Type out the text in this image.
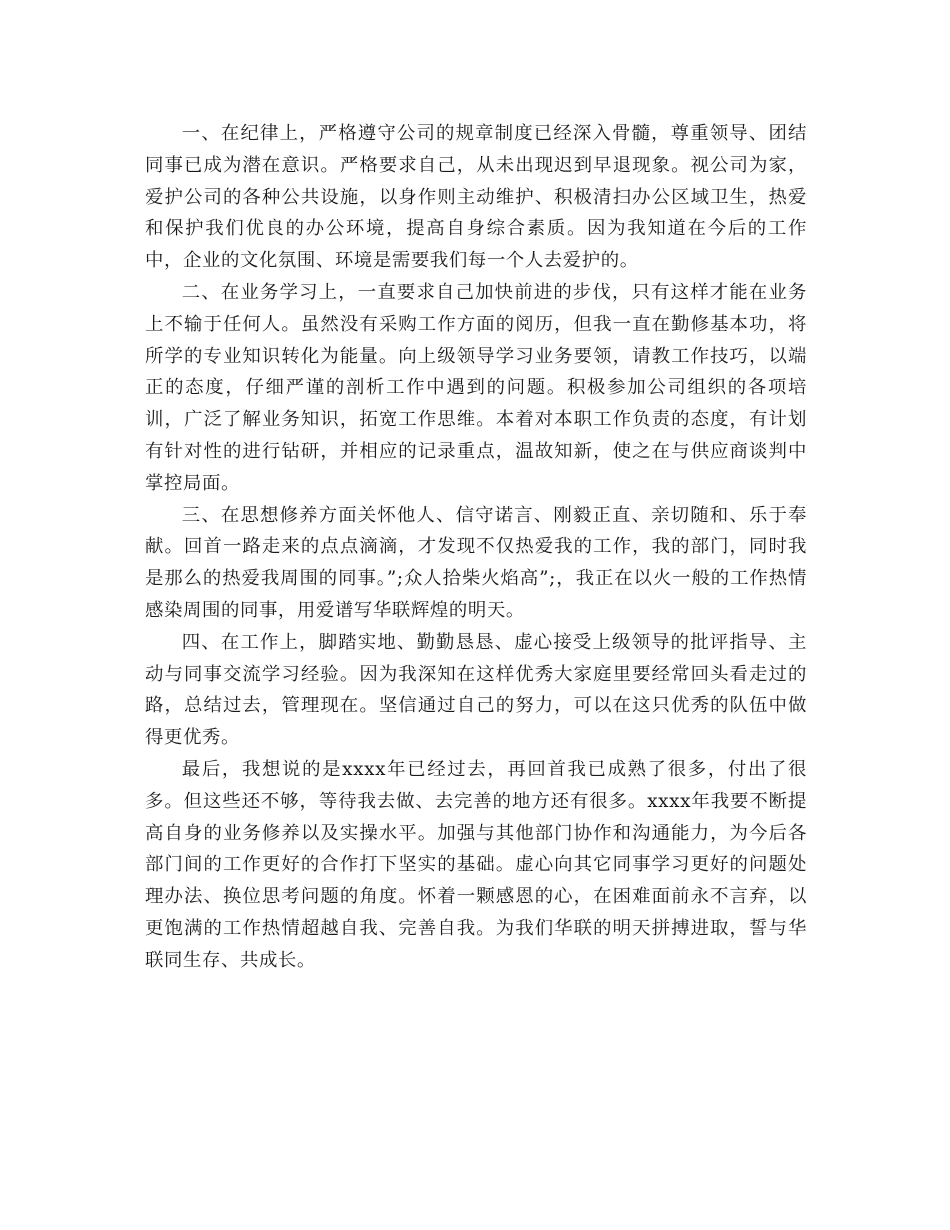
一、在纪律上，严格遵守公司的规章制度已经深入骨髓，尊重领导、团结同事已成为潜在意识。严格要求自己，从未出现迟到早退现象。视公司为家，爱护公司的各种公共设施，以身作则主动维护、积极清扫办公区域卫生，热爱和保护我们优良的办公环境，提高自身综合素质。因为我知道在今后的工作中，企业的文化氛围、环境是需要我们每一个人去爱护的。

二、在业务学习上，一直要求自己加快前进的步伐，只有这样才能在业务上不输于任何人。虽然没有采购工作方面的阅历，但我一直在勤修基本功，将所学的专业知识转化为能量。向上级领导学习业务要领，请教工作技巧，以端正的态度，仔细严谨的剖析工作中遇到的问题。积极参加公司组织的各项培训，广泛了解业务知识，拓宽工作思维。本着对本职工作负责的态度，有计划有针对性的进行钻研，并相应的记录重点，温故知新，使之在与供应商谈判中掌控局面。

三、在思想修养方面关怀他人、信守诺言、刚毅正直、亲切随和、乐于奉献。回首一路走来的点点滴滴，才发现不仅热爱我的工作，我的部门，同时我是那么的热爱我周围的同事。”;众人拾柴火焰高”;，我正在以火一般的工作热情感染周围的同事，用爱谱写华联辉煌的明天。

四、在工作上，脚踏实地、勤勤恳恳、虚心接受上级领导的批评指导、主动与同事交流学习经验。因为我深知在这样优秀大家庭里要经常回头看走过的路，总结过去，管理现在。坚信通过自己的努力，可以在这只优秀的队伍中做得更优秀。

最后，我想说的是xxxx年已经过去，再回首我已成熟了很多，付出了很多。但这些还不够，等待我去做、去完善的地方还有很多。xxxx年我要不断提高自身的业务修养以及实操水平。加强与其他部门协作和沟通能力，为今后各部门间的工作更好的合作打下坚实的基础。虚心向其它同事学习更好的问题处理办法、换位思考问题的角度。怀着一颗感恩的心，在困难面前永不言弃，以更饱满的工作热情超越自我、完善自我。为我们华联的明天拼搏进取，誓与华联同生存、共成长。
